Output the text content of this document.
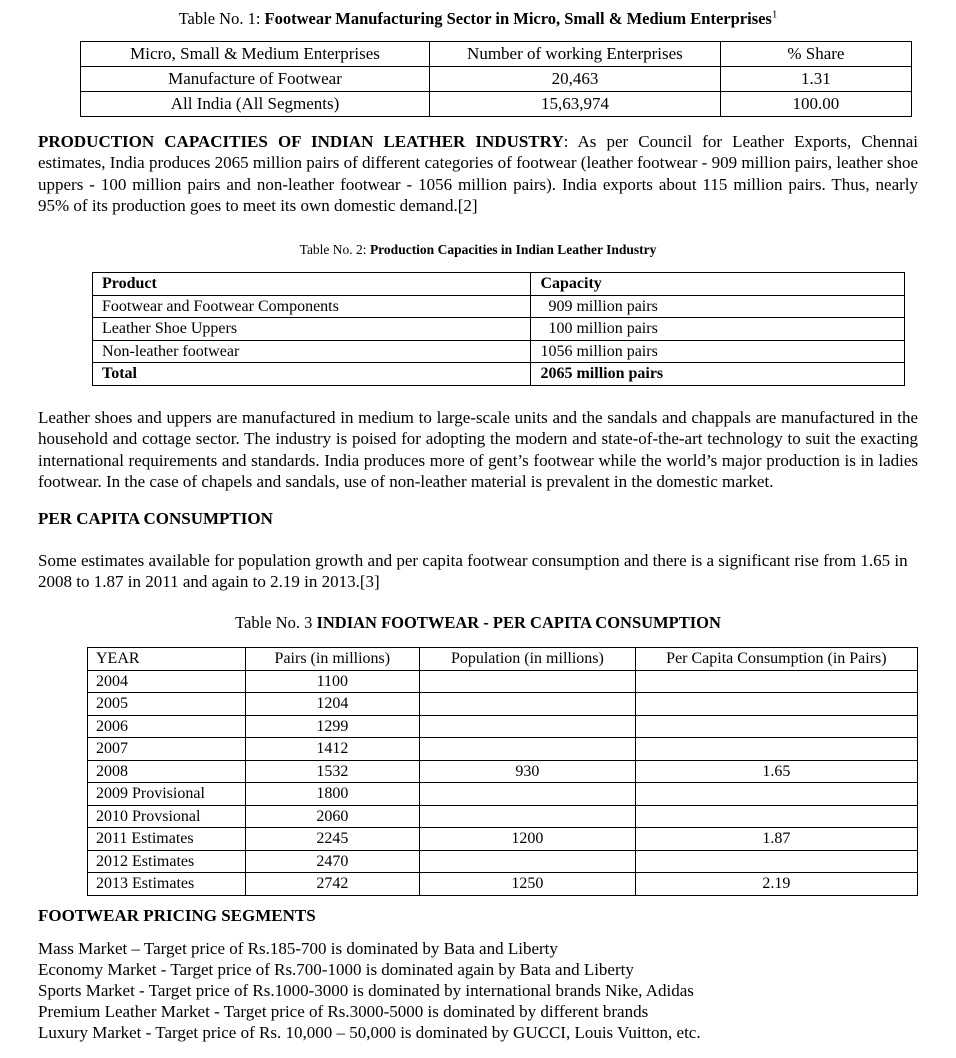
Table No. 1: Footwear Manufacturing Sector in Micro, Small & Medium Enterprises$^1$
Micro, Small & Medium Enterprises	Number of working Enterprises	% Share
Manufacture of Footwear	20,463	1.31
All India (All Segments)	15,63,974	100.00

PRODUCTION CAPACITIES OF INDIAN LEATHER INDUSTRY: As per Council for Leather Exports, Chennai estimates, India produces 2065 million pairs of different categories of footwear (leather footwear - 909 million pairs, leather shoe uppers - 100 million pairs and non-leather footwear - 1056 million pairs). India exports about 115 million pairs. Thus, nearly 95% of its production goes to meet its own domestic demand.[2]

Table No. 2: Production Capacities in Indian Leather Industry
Product	Capacity
Footwear and Footwear Components	909 million pairs
Leather Shoe Uppers	100 million pairs
Non-leather footwear	1056 million pairs
Total	2065 million pairs

Leather shoes and uppers are manufactured in medium to large-scale units and the sandals and chappals are manufactured in the household and cottage sector. The industry is poised for adopting the modern and state-of-the-art technology to suit the exacting international requirements and standards. India produces more of gent’s footwear while the world’s major production is in ladies footwear. In the case of chapels and sandals, use of non-leather material is prevalent in the domestic market.

PER CAPITA CONSUMPTION

Some estimates available for population growth and per capita footwear consumption and there is a significant rise from 1.65 in 2008 to 1.87 in 2011 and again to 2.19 in 2013.[3]

Table No. 3 INDIAN FOOTWEAR - PER CAPITA CONSUMPTION
YEAR	Pairs (in millions)	Population (in millions)	Per Capita Consumption (in Pairs)
2004	1100		
2005	1204		
2006	1299		
2007	1412		
2008	1532	930	1.65
2009 Provisional	1800		
2010 Provsional	2060		
2011 Estimates	2245	1200	1.87
2012 Estimates	2470		
2013 Estimates	2742	1250	2.19
FOOTWEAR PRICING SEGMENTS
Mass Market – Target price of Rs.185-700 is dominated by Bata and Liberty
Economy Market - Target price of Rs.700-1000 is dominated again by Bata and Liberty
Sports Market - Target price of Rs.1000-3000 is dominated by international brands Nike, Adidas
Premium Leather Market - Target price of Rs.3000-5000 is dominated by different brands
Luxury Market - Target price of Rs. 10,000 – 50,000 is dominated by GUCCI, Louis Vuitton, etc.
